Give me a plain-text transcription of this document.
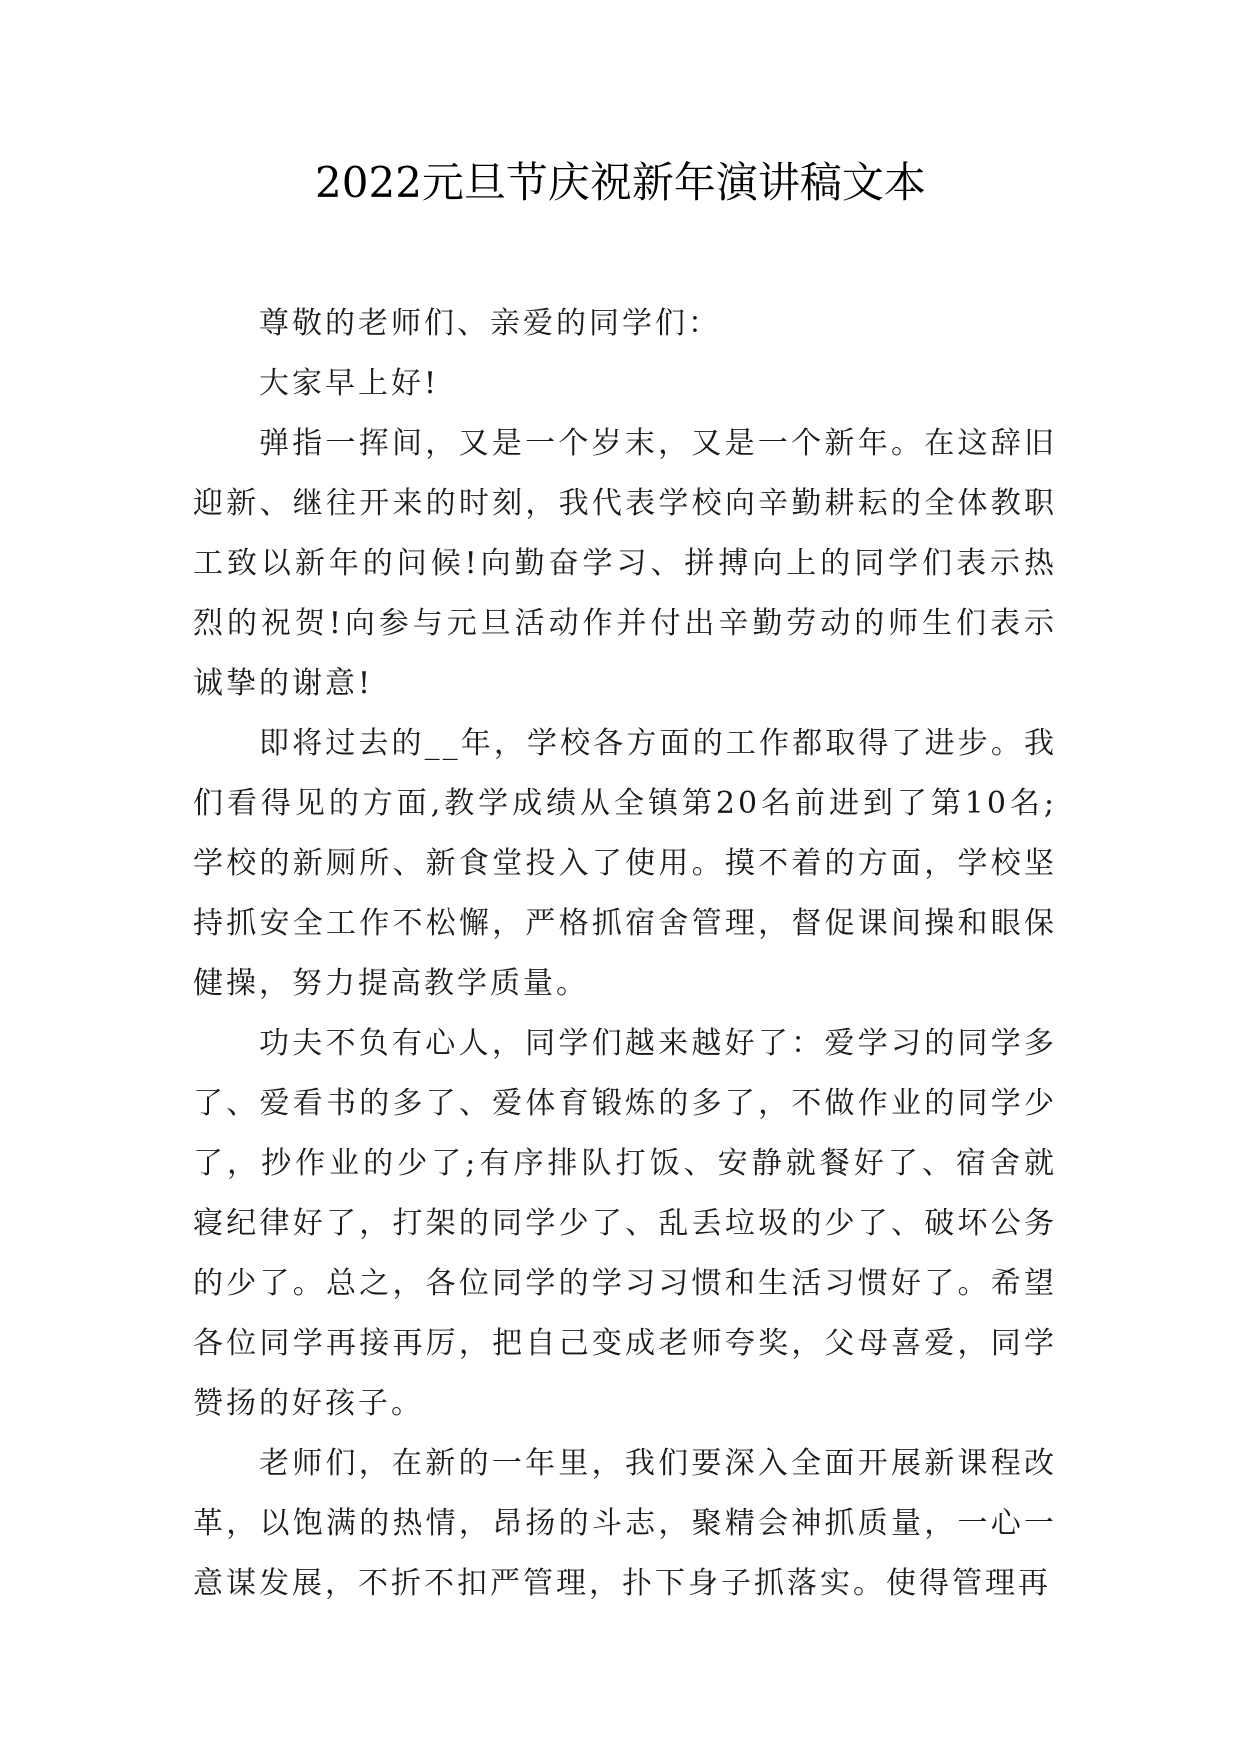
2022元旦节庆祝新年演讲稿文本

尊敬的老师们、亲爱的同学们：

大家早上好!

弹指一挥间，又是一个岁末，又是一个新年。在这辞旧迎新、继往开来的时刻，我代表学校向辛勤耕耘的全体教职工致以新年的问候!向勤奋学习、拼搏向上的同学们表示热烈的祝贺!向参与元旦活动作并付出辛勤劳动的师生们表示诚挚的谢意!

即将过去的__年，学校各方面的工作都取得了进步。我们看得见的方面,教学成绩从全镇第20名前进到了第10名;学校的新厕所、新食堂投入了使用。摸不着的方面，学校坚持抓安全工作不松懈，严格抓宿舍管理，督促课间操和眼保健操，努力提高教学质量。

功夫不负有心人，同学们越来越好了：爱学习的同学多了、爱看书的多了、爱体育锻炼的多了，不做作业的同学少了，抄作业的少了;有序排队打饭、安静就餐好了、宿舍就寝纪律好了，打架的同学少了、乱丢垃圾的少了、破坏公务的少了。总之，各位同学的学习习惯和生活习惯好了。希望各位同学再接再厉，把自己变成老师夸奖，父母喜爱，同学赞扬的好孩子。

老师们，在新的一年里，我们要深入全面开展新课程改革，以饱满的热情，昂扬的斗志，聚精会神抓质量，一心一意谋发展，不折不扣严管理，扑下身子抓落实。使得管理再
